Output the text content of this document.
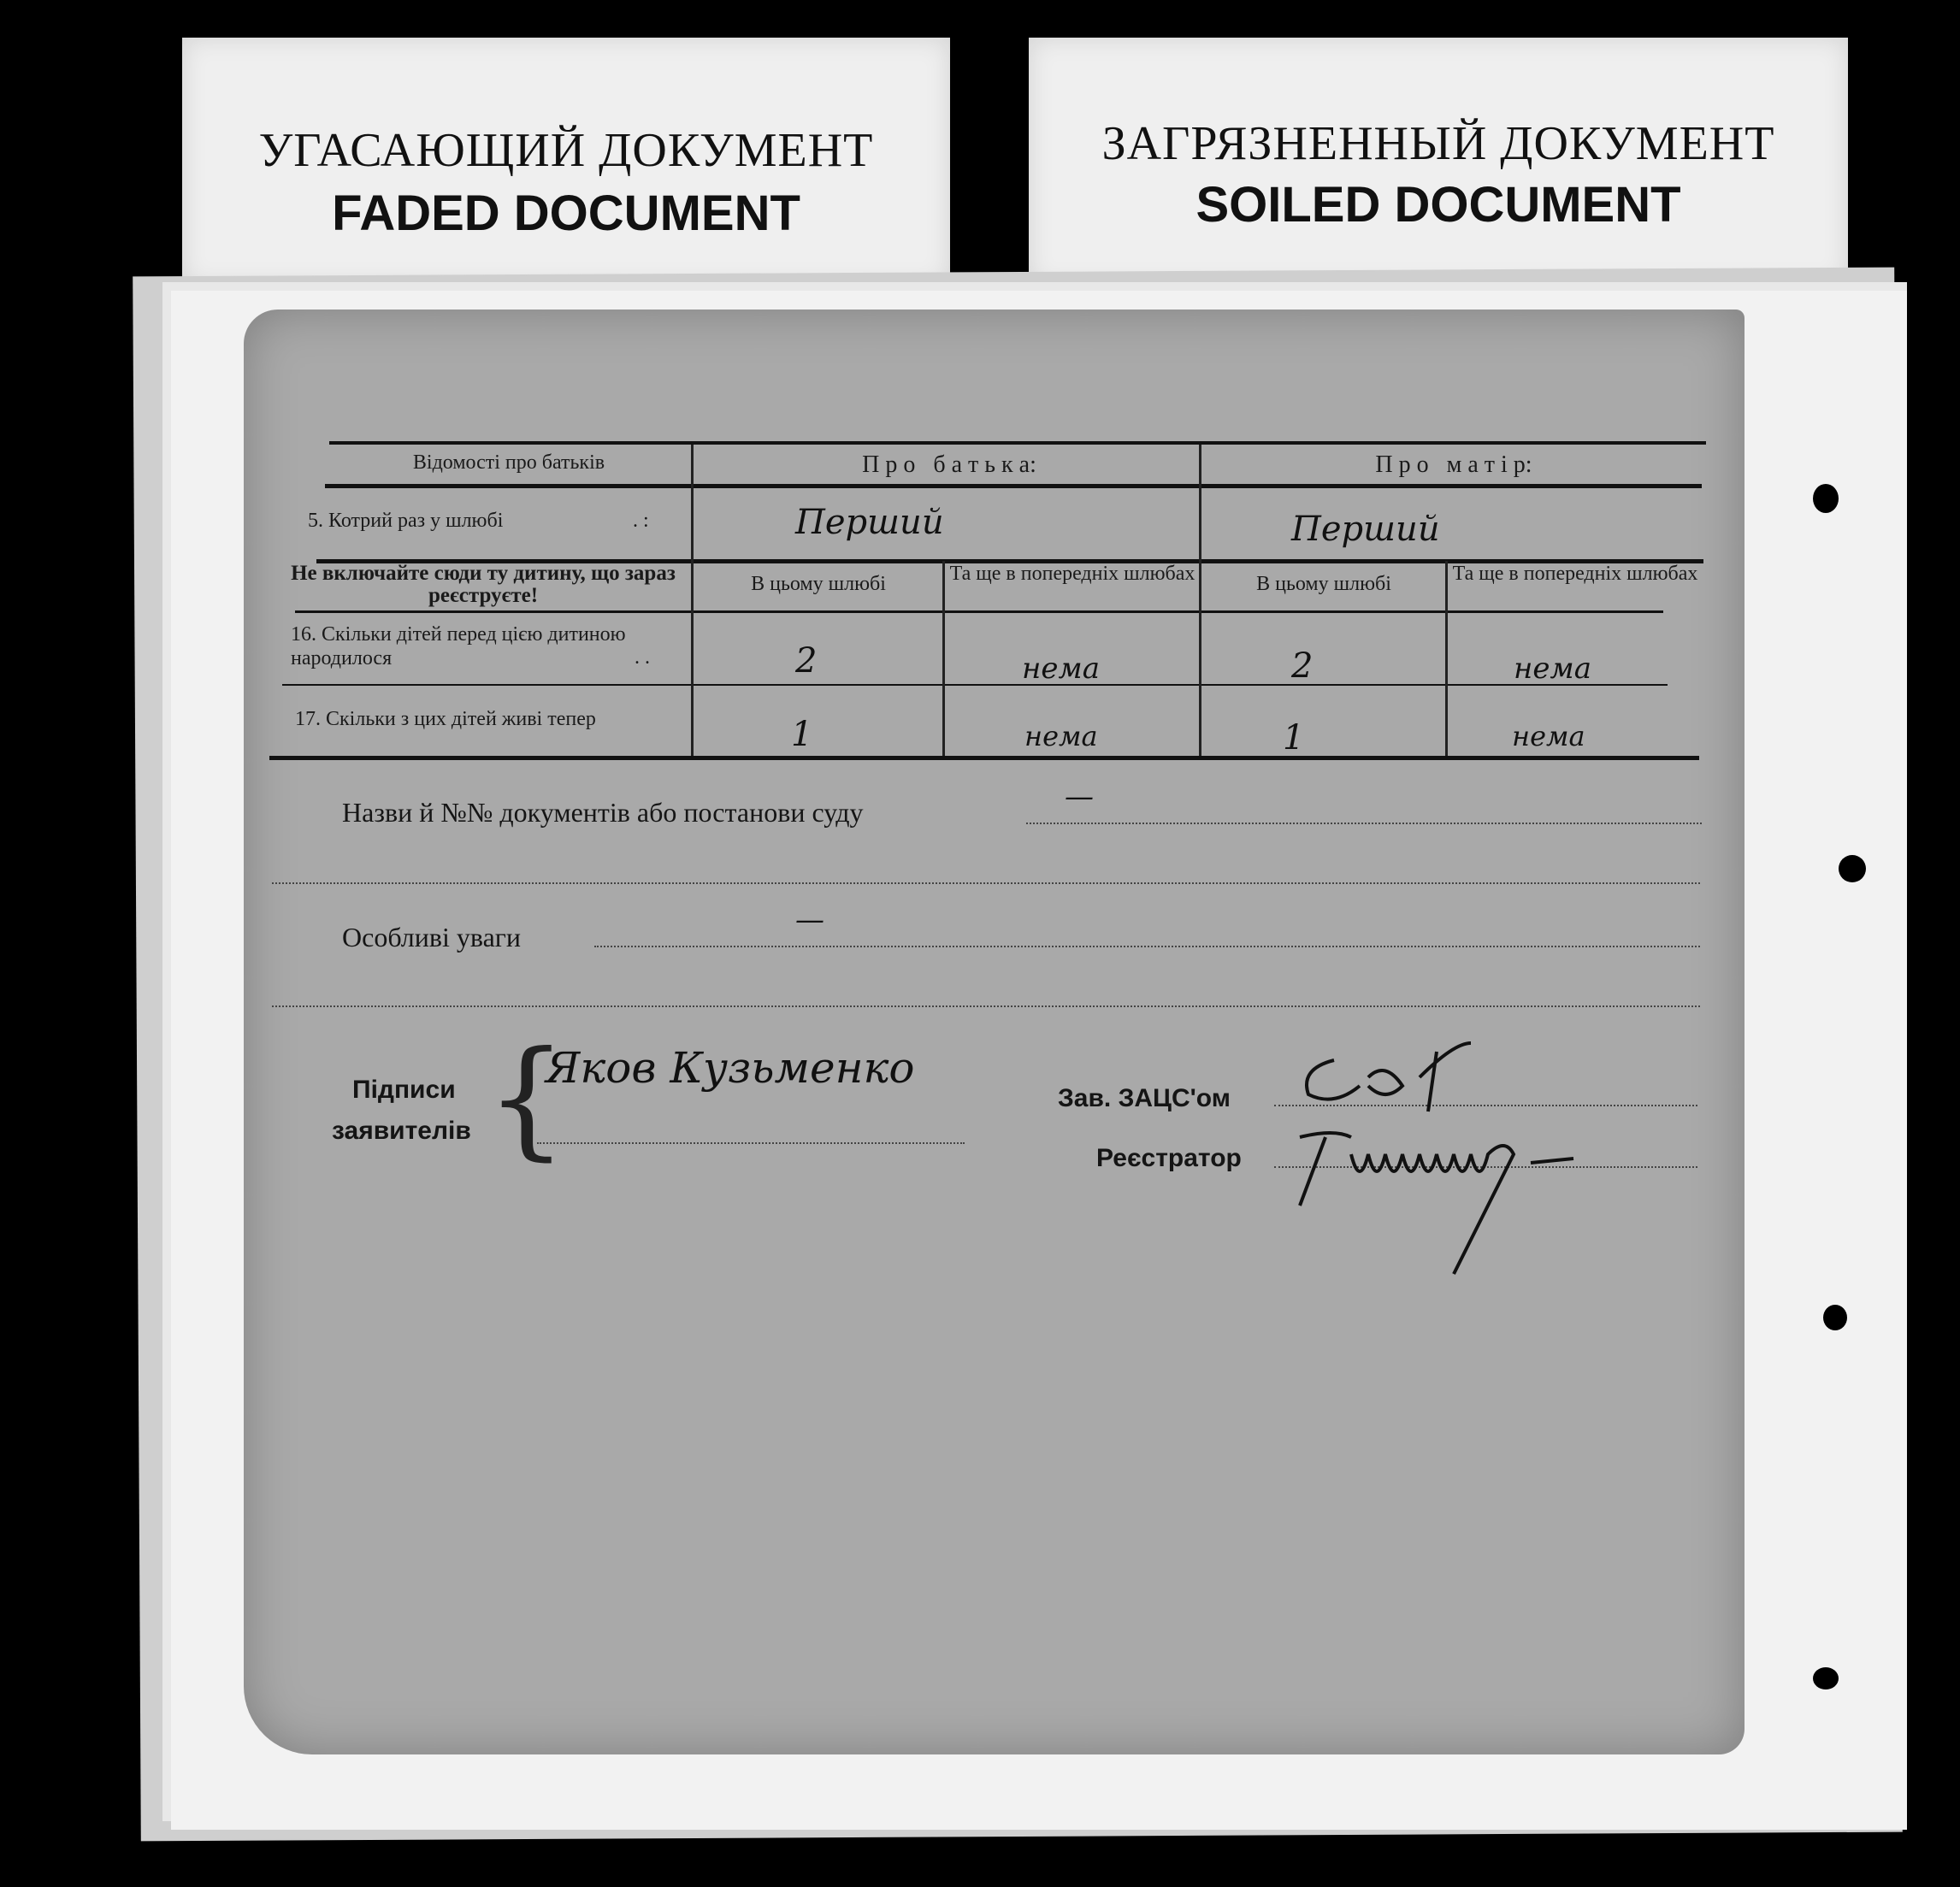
УГАСАЮЩИЙ ДОКУМЕНТ
FADED DOCUMENT
ЗАГРЯЗНЕННЫЙ ДОКУМЕНТ
SOILED DOCUMENT
Відомості про батьків	П р о   б а т ь к а:	П р о   м а т і р:
5. Котрий раз у шлюбі	. :	Перший	Перший
Не включайте сюди ту дитину, що зараз реєструєте!	В цьому шлюбі	Та ще в попередніх шлюбах	В цьому шлюбі	Та ще в попередніх шлюбах
16. Скільки дітей перед цією дитиною народилося	. .	2	нема	2	нема
17. Скільки з цих дітей живі тепер	1	нема	1	нема
Назви й №№ документів або постанови суду	—
Особливі уваги	—
Підписи
заявителів {
Яков Кузьменко
Зав. ЗАЦС'ом
Реєстратор
